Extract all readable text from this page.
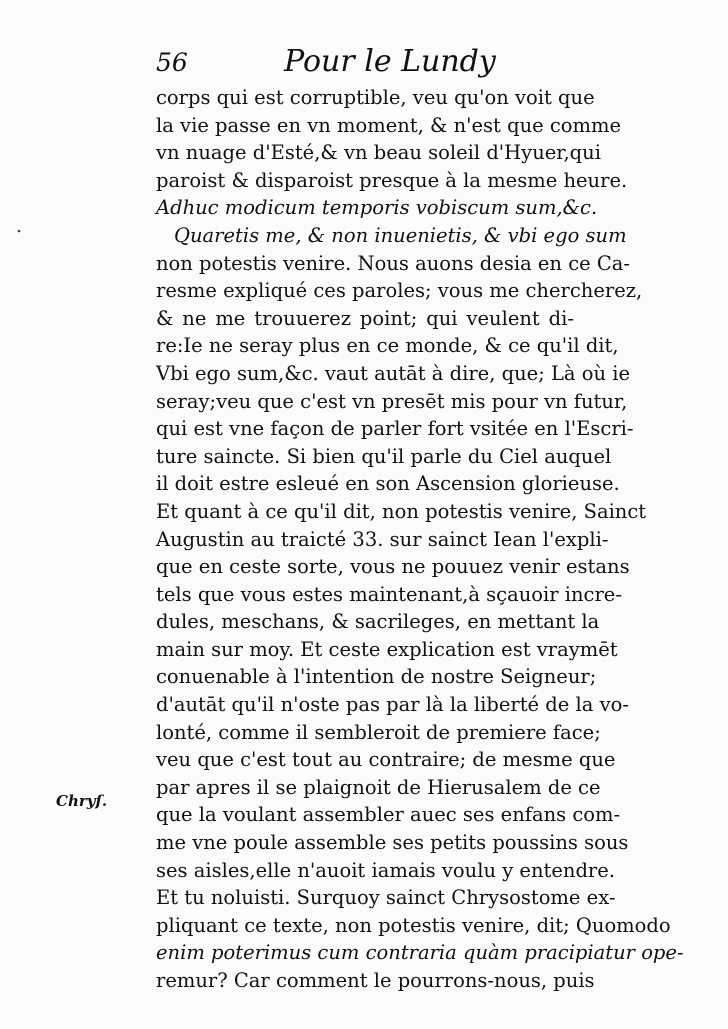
56	Pour le Lundy
corps qui est corruptible, veu qu'on voit que
la vie passe en vn moment, & n'est que comme
vn nuage d'Esté,& vn beau soleil d'Hyuer,qui
paroist & disparoist presque à la mesme heure.
Adhuc modicum temporis vobiscum sum,&c.
Quaretis me, & non inuenietis, & vbi ego sum
non potestis venire. Nous auons desia en ce Ca-
resme expliqué ces paroles; vous me chercherez,
& ne me trouuerez point; qui veulent di-
re:Ie ne seray plus en ce monde, & ce qu'il dit,
Vbi ego sum,&c. vaut autāt à dire, que; Là où ie
seray;veu que c'est vn presēt mis pour vn futur,
qui est vne façon de parler fort vsitée en l'Escri-
ture saincte. Si bien qu'il parle du Ciel auquel
il doit estre esleué en son Ascension glorieuse.
Et quant à ce qu'il dit, non potestis venire, Sainct
Augustin au traicté 33. sur sainct Iean l'expli-
que en ceste sorte, vous ne pouuez venir estans
tels que vous estes maintenant,à sçauoir incre-
dules, meschans, & sacrileges, en mettant la
main sur moy. Et ceste explication est vraymēt
conuenable à l'intention de nostre Seigneur;
d'autāt qu'il n'oste pas par là la liberté de la vo-
lonté, comme il sembleroit de premiere face;
veu que c'est tout au contraire; de mesme que
par apres il se plaignoit de Hierusalem de ce
que la voulant assembler auec ses enfans com-
me vne poule assemble ses petits poussins sous
ses aisles,elle n'auoit iamais voulu y entendre.
Et tu noluisti. Surquoy sainct Chrysostome ex-
pliquant ce texte, non potestis venire, dit; Quomodo
enim poterimus cum contraria quàm pracipiatur ope-
remur? Car comment le pourrons-nous, puis
Chryſ.
